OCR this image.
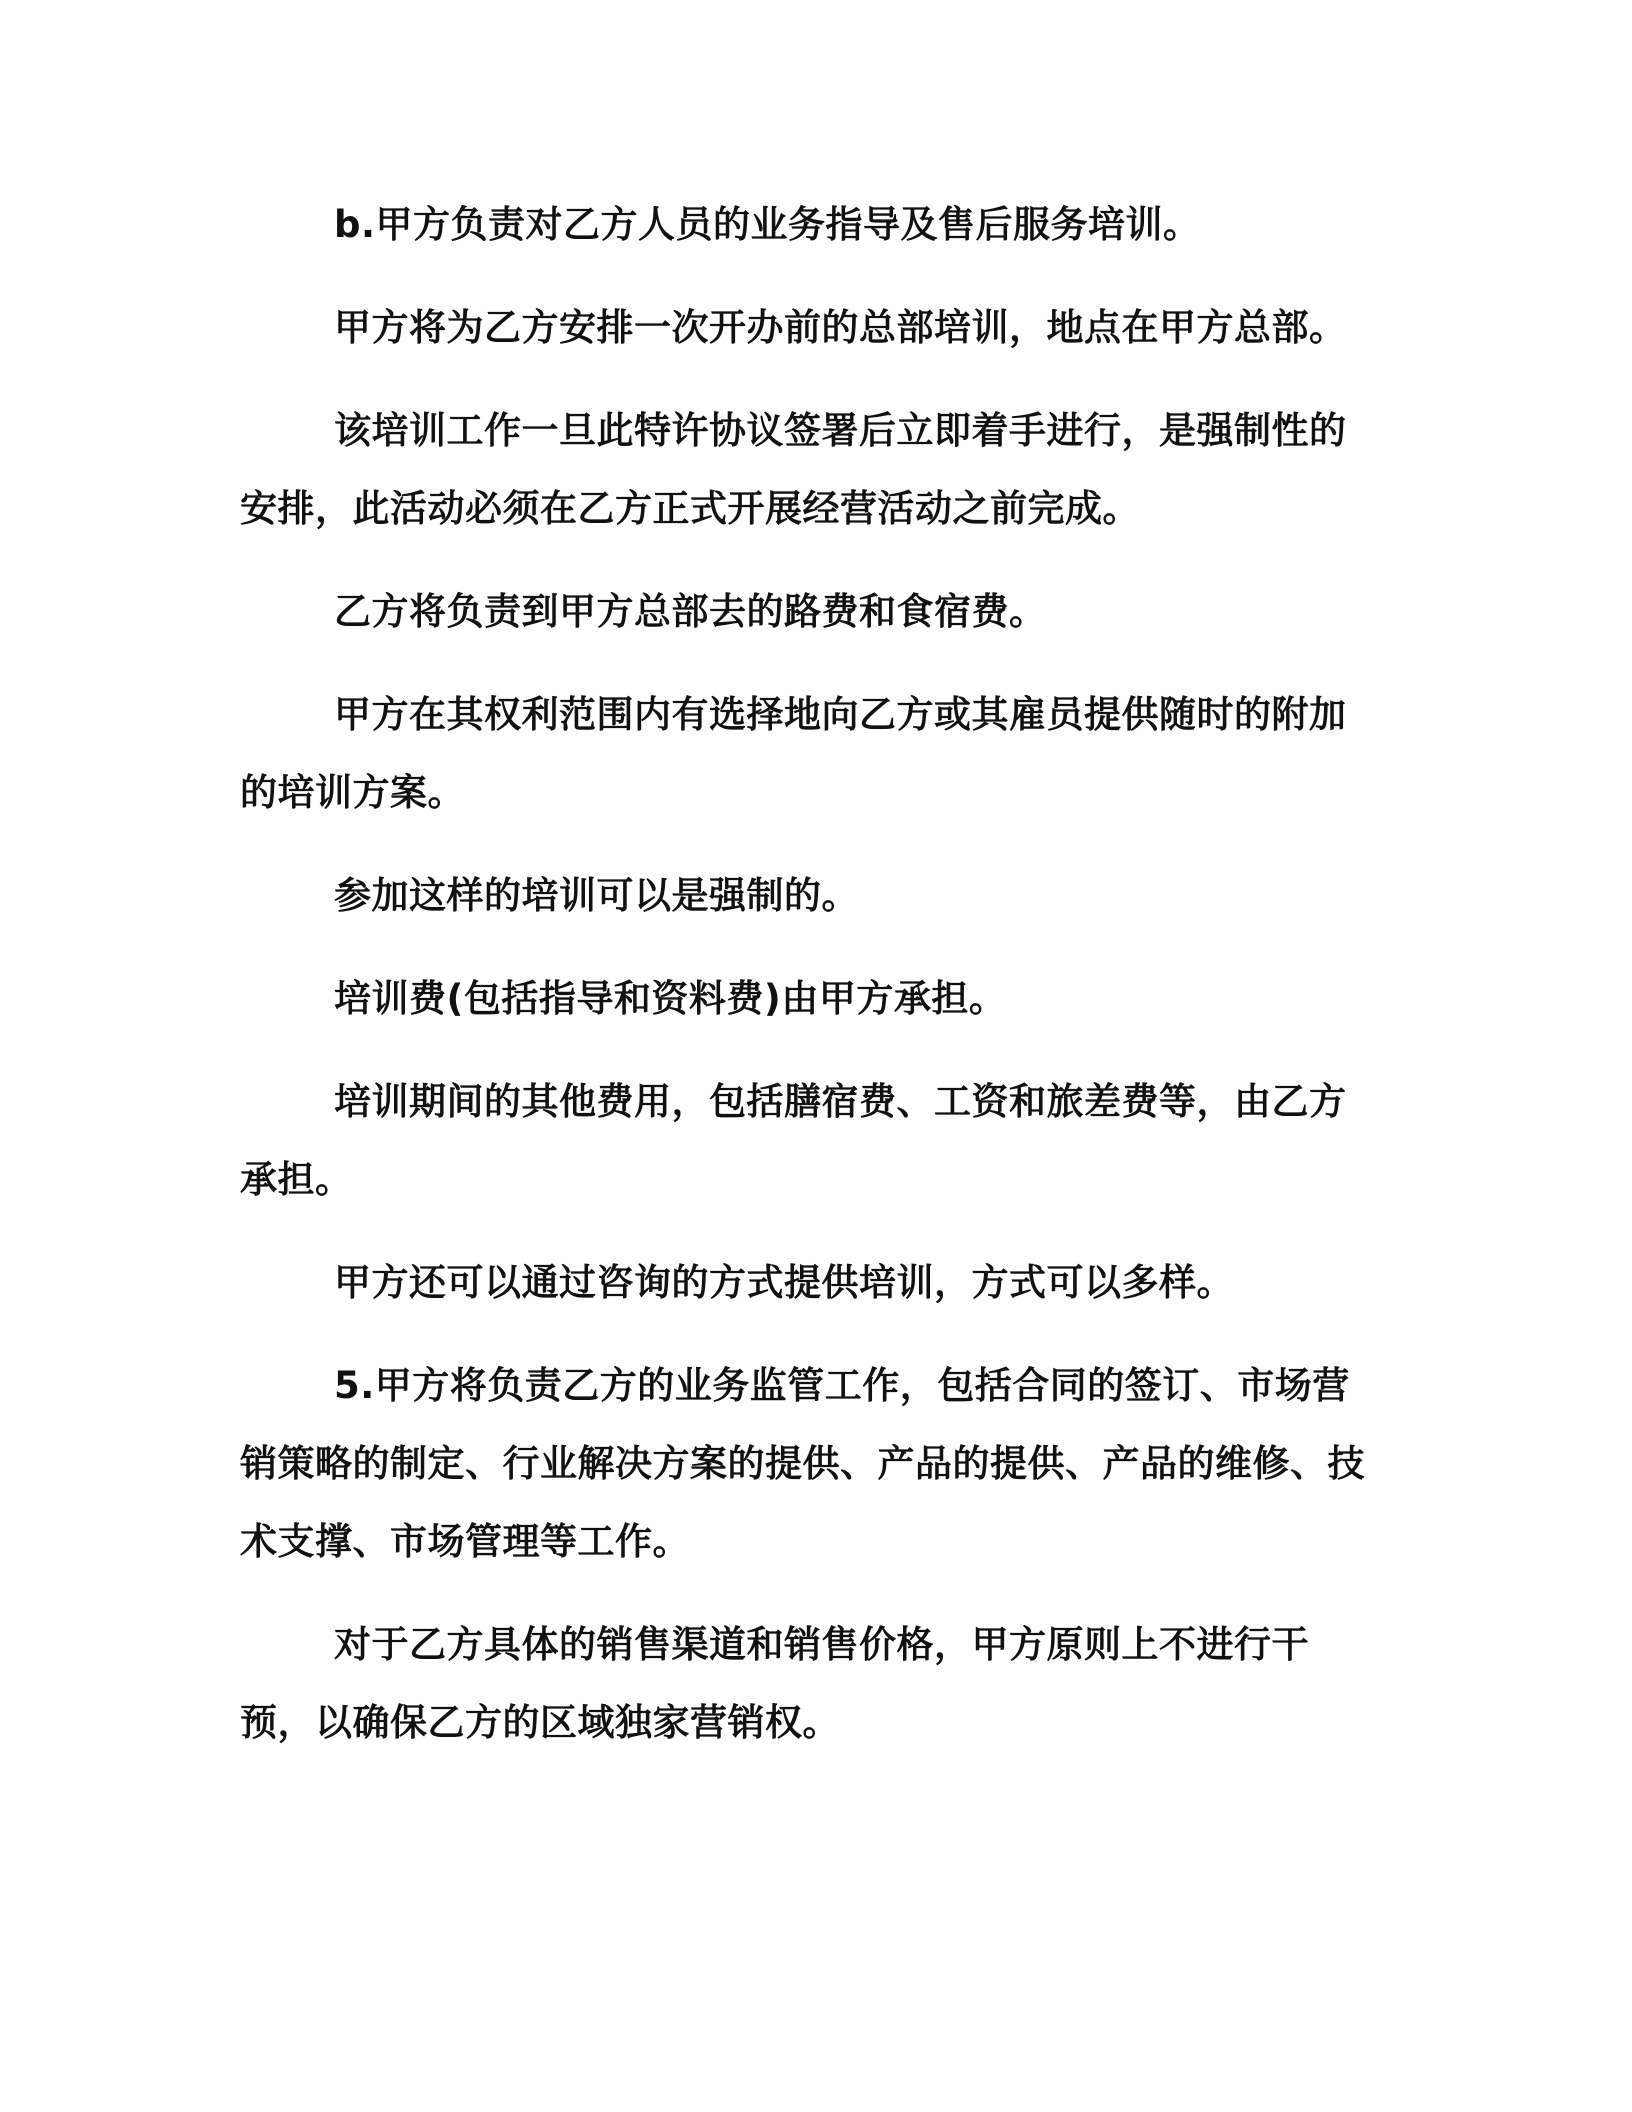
b.甲方负责对乙方人员的业务指导及售后服务培训。

甲方将为乙方安排一次开办前的总部培训，地点在甲方总部。

该培训工作一旦此特许协议签署后立即着手进行，是强制性的安排，此活动必须在乙方正式开展经营活动之前完成。

乙方将负责到甲方总部去的路费和食宿费。

甲方在其权利范围内有选择地向乙方或其雇员提供随时的附加的培训方案。

参加这样的培训可以是强制的。

培训费(包括指导和资料费)由甲方承担。

培训期间的其他费用，包括膳宿费、工资和旅差费等，由乙方承担。

甲方还可以通过咨询的方式提供培训，方式可以多样。

5.甲方将负责乙方的业务监管工作，包括合同的签订、市场营销策略的制定、行业解决方案的提供、产品的提供、产品的维修、技术支撑、市场管理等工作。

对于乙方具体的销售渠道和销售价格，甲方原则上不进行干预，以确保乙方的区域独家营销权。
